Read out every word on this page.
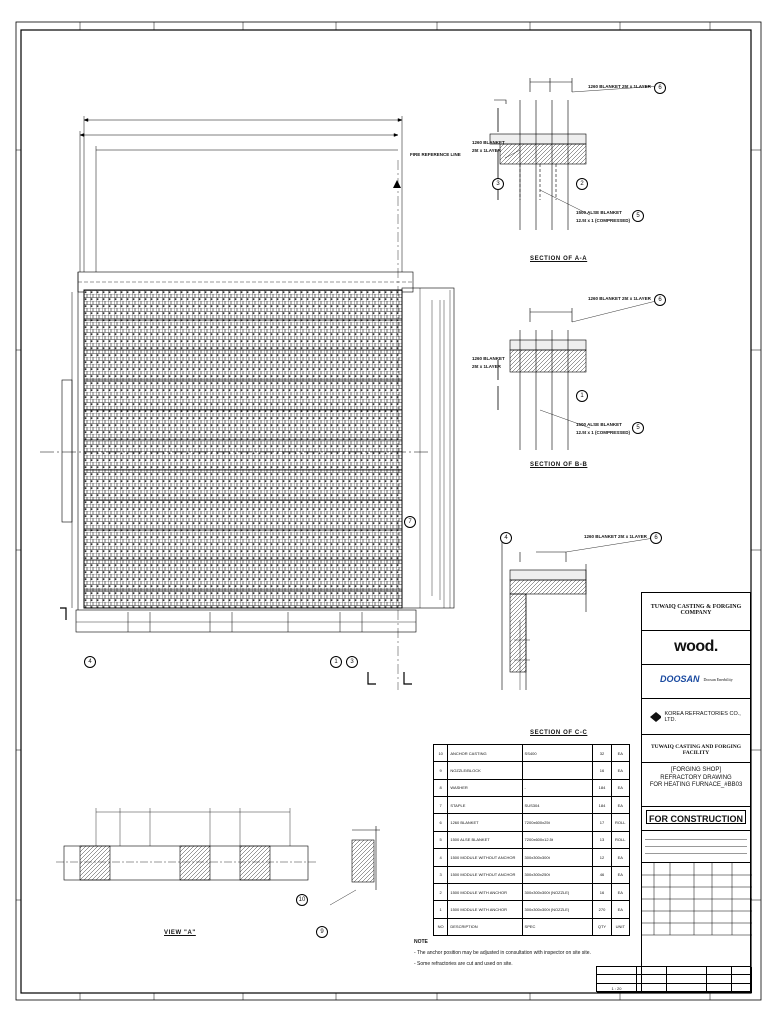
FIRE REFERENCE LINE
1260 BLANKET 25t x 1LAYER
1260 BLANKET
25t x 1LAYER
1500 ALSE BLANKET
12.5t x 1 (COMPRESSED)
1260 BLANKET 25t x 1LAYER
1260 BLANKET
25t x 1LAYER
1500 ALSE BLANKET
12.5t x 1 (COMPRESSED)
1260 BLANKET 25t x 1LAYER
SECTION OF A-A
SECTION OF B-B
SECTION OF C-C
VIEW "A"
6
3	2
5
6
1
5
4	6
7
4	1	3
10
9
10	ANCHOR CASTING	SS400	32	EA
9	NOZZLE/BLOCK		16	EA
8	WASHER	-	184	EA
7	STAPLE	SUS304	184	EA
6	1260 BLANKET	7200x600x25t	17	ROLL
5	1500 ALSE BLANKET	7200x600x12.5t	13	ROLL
4	1500 MODULE WITHOUT ANCHOR	300x300x300t	12	EA
3	1500 MODULE WITHOUT ANCHOR	300x300x250t	46	EA
2	1500 MODULE WITH ANCHOR	300x300x300t (NOZZLE)	16	EA
1	1500 MODULE WITH ANCHOR	300x300x300t (NOZZLE)	270	EA
NO	DESCRIPTION	SPEC	QTY	UNIT
NOTE
- The anchor position may be adjusted in consultation with inspector on site site.
- Some refractories are cut and used on site.
TUWAIQ CASTING & FORGING COMPANY
wood.
DOOSAN Doosan Enerbility
KOREA REFRACTORIES CO., LTD.
TUWAIQ CASTING AND FORGING FACILITY
[FORGING SHOP]
REFRACTORY DRAWING
FOR HEATING FURNACE_#BB03
FOR CONSTRUCTION
1 : 20
